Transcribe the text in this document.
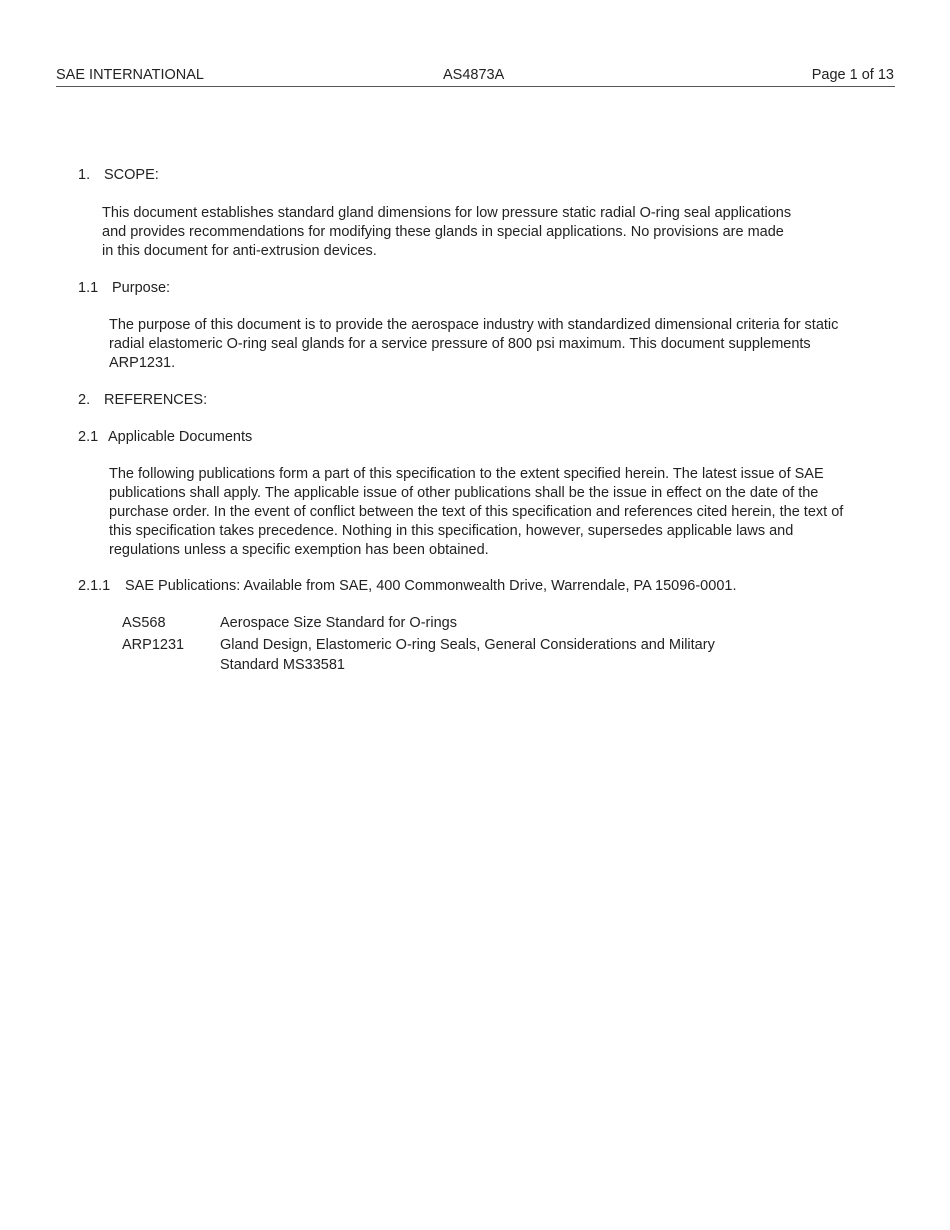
SAE INTERNATIONAL	AS4873A	Page 1 of 13
1. SCOPE:
This document establishes standard gland dimensions for low pressure static radial O-ring seal applications and provides recommendations for modifying these glands in special applications. No provisions are made in this document for anti-extrusion devices.
1.1 Purpose:
The purpose of this document is to provide the aerospace industry with standardized dimensional criteria for static radial elastomeric O-ring seal glands for a service pressure of 800 psi maximum. This document supplements ARP1231.
2. REFERENCES:
2.1 Applicable Documents
The following publications form a part of this specification to the extent specified herein. The latest issue of SAE publications shall apply. The applicable issue of other publications shall be the issue in effect on the date of the purchase order. In the event of conflict between the text of this specification and references cited herein, the text of this specification takes precedence. Nothing in this specification, however, supersedes applicable laws and regulations unless a specific exemption has been obtained.
2.1.1 SAE Publications: Available from SAE, 400 Commonwealth Drive, Warrendale, PA 15096-0001.
AS568	Aerospace Size Standard for O-rings
ARP1231 Gland Design, Elastomeric O-ring Seals, General Considerations and Military Standard MS33581
